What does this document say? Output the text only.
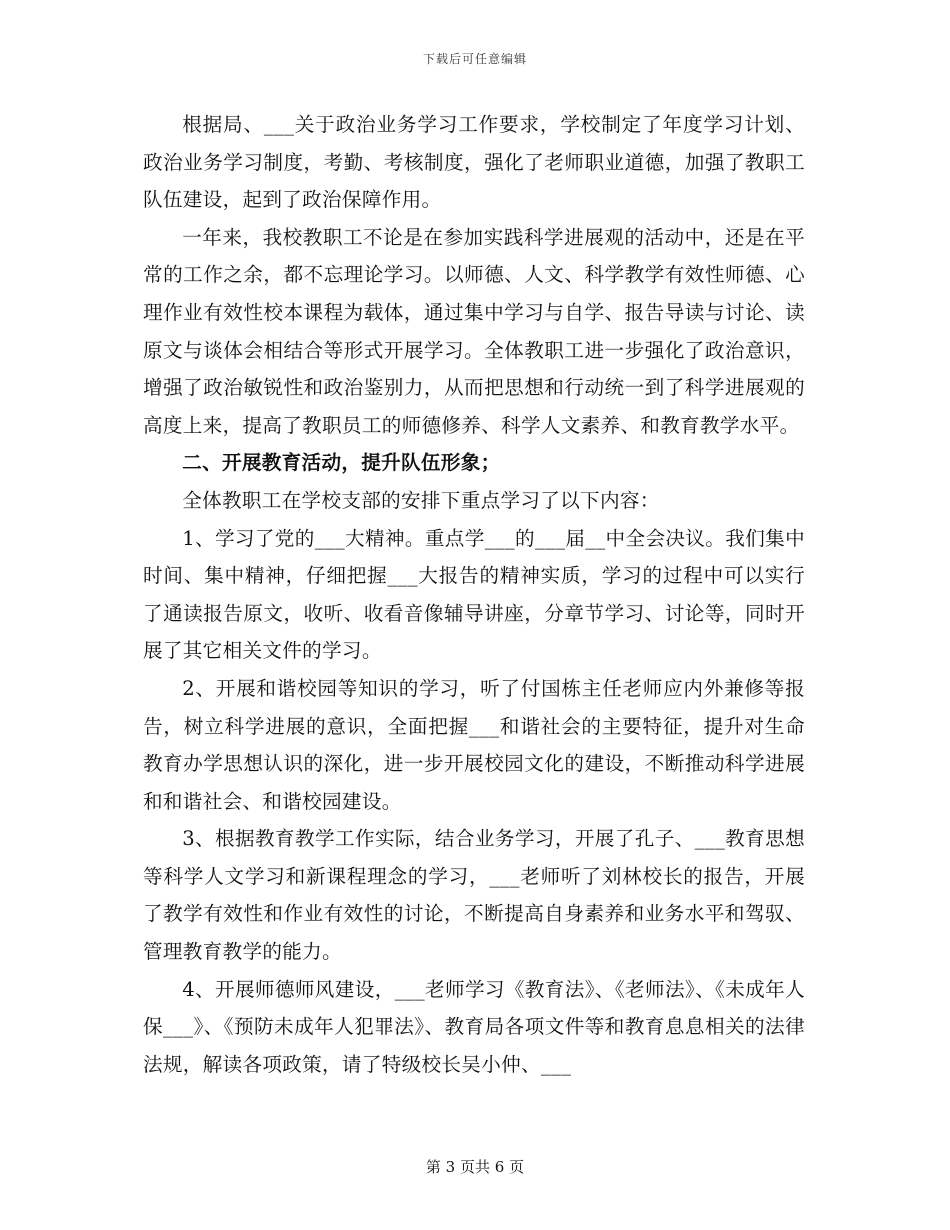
下载后可任意编辑

根据局、___关于政治业务学习工作要求，学校制定了年度学习计划、政治业务学习制度，考勤、考核制度，强化了老师职业道德，加强了教职工队伍建设，起到了政治保障作用。

一年来，我校教职工不论是在参加实践科学进展观的活动中，还是在平常的工作之余，都不忘理论学习。以师德、人文、科学教学有效性师德、心理作业有效性校本课程为载体，通过集中学习与自学、报告导读与讨论、读原文与谈体会相结合等形式开展学习。全体教职工进一步强化了政治意识，增强了政治敏锐性和政治鉴别力，从而把思想和行动统一到了科学进展观的高度上来，提高了教职员工的师德修养、科学人文素养、和教育教学水平。

二、开展教育活动，提升队伍形象；

全体教职工在学校支部的安排下重点学习了以下内容：

1、学习了党的___大精神。重点学___的___届__中全会决议。我们集中时间、集中精神，仔细把握___大报告的精神实质，学习的过程中可以实行了通读报告原文，收听、收看音像辅导讲座，分章节学习、讨论等，同时开展了其它相关文件的学习。

2、开展和谐校园等知识的学习，听了付国栋主任老师应内外兼修等报告，树立科学进展的意识，全面把握___和谐社会的主要特征，提升对生命教育办学思想认识的深化，进一步开展校园文化的建设，不断推动科学进展和和谐社会、和谐校园建设。

3、根据教育教学工作实际，结合业务学习，开展了孔子、___教育思想等科学人文学习和新课程理念的学习，___老师听了刘林校长的报告，开展了教学有效性和作业有效性的讨论，不断提高自身素养和业务水平和驾驭、管理教育教学的能力。

4、开展师德师风建设，___老师学习《教育法》、《老师法》、《未成年人保___》、《预防未成年人犯罪法》、教育局各项文件等和教育息息相关的法律法规，解读各项政策，请了特级校长吴小仲、___

第 3 页共 6 页
